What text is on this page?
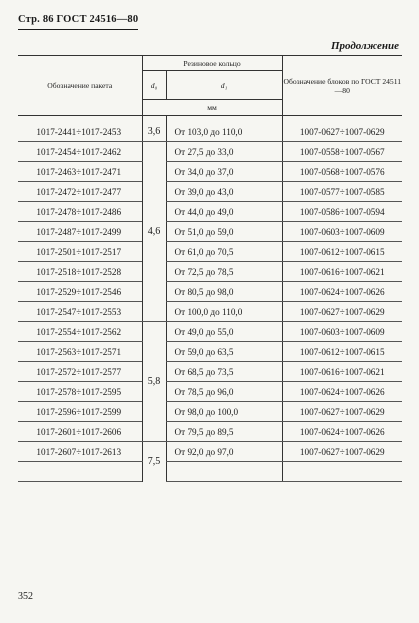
Стр. 86 ГОСТ 24516—80
Продолжение
Обозначение пакета	Резиновое кольцо		Обозначение блоков по ГОСТ 24511—80
	d₀	d₁	
	мм		

1017-2441÷1017-2453	3,6	От 103,0 до 110,0	1007-0627÷1007-0629
1017-2454÷1017-2462	4,6	От 27,5 до 33,0	1007-0558÷1007-0567
1017-2463÷1017-2471		От 34,0 до 37,0	1007-0568÷1007-0576
1017-2472÷1017-2477		От 39,0 до 43,0	1007-0577÷1007-0585
1017-2478÷1017-2486		От 44,0 до 49,0	1007-0586÷1007-0594
1017-2487÷1017-2499		От 51,0 до 59,0	1007-0603÷1007-0609
1017-2501÷1017-2517		От 61,0 до 70,5	1007-0612÷1007-0615
1017-2518÷1017-2528		От 72,5 до 78,5	1007-0616÷1007-0621
1017-2529÷1017-2546		От 80,5 до 98,0	1007-0624÷1007-0626
1017-2547÷1017-2553		От 100,0 до 110,0	1007-0627÷1007-0629
1017-2554÷1017-2562	5,8	От 49,0 до 55,0	1007-0603÷1007-0609
1017-2563÷1017-2571		От 59,0 до 63,5	1007-0612÷1007-0615
1017-2572÷1017-2577		От 68,5 до 73,5	1007-0616÷1007-0621
1017-2578÷1017-2595		От 78,5 до 96,0	1007-0624÷1007-0626
1017-2596÷1017-2599		От 98,0 до 100,0	1007-0627÷1007-0629
1017-2601÷1017-2606		От 79,5 до 89,5	1007-0624÷1007-0626
1017-2607÷1017-2613	7,5	От 92,0 до 97,0	1007-0627÷1007-0629

352
